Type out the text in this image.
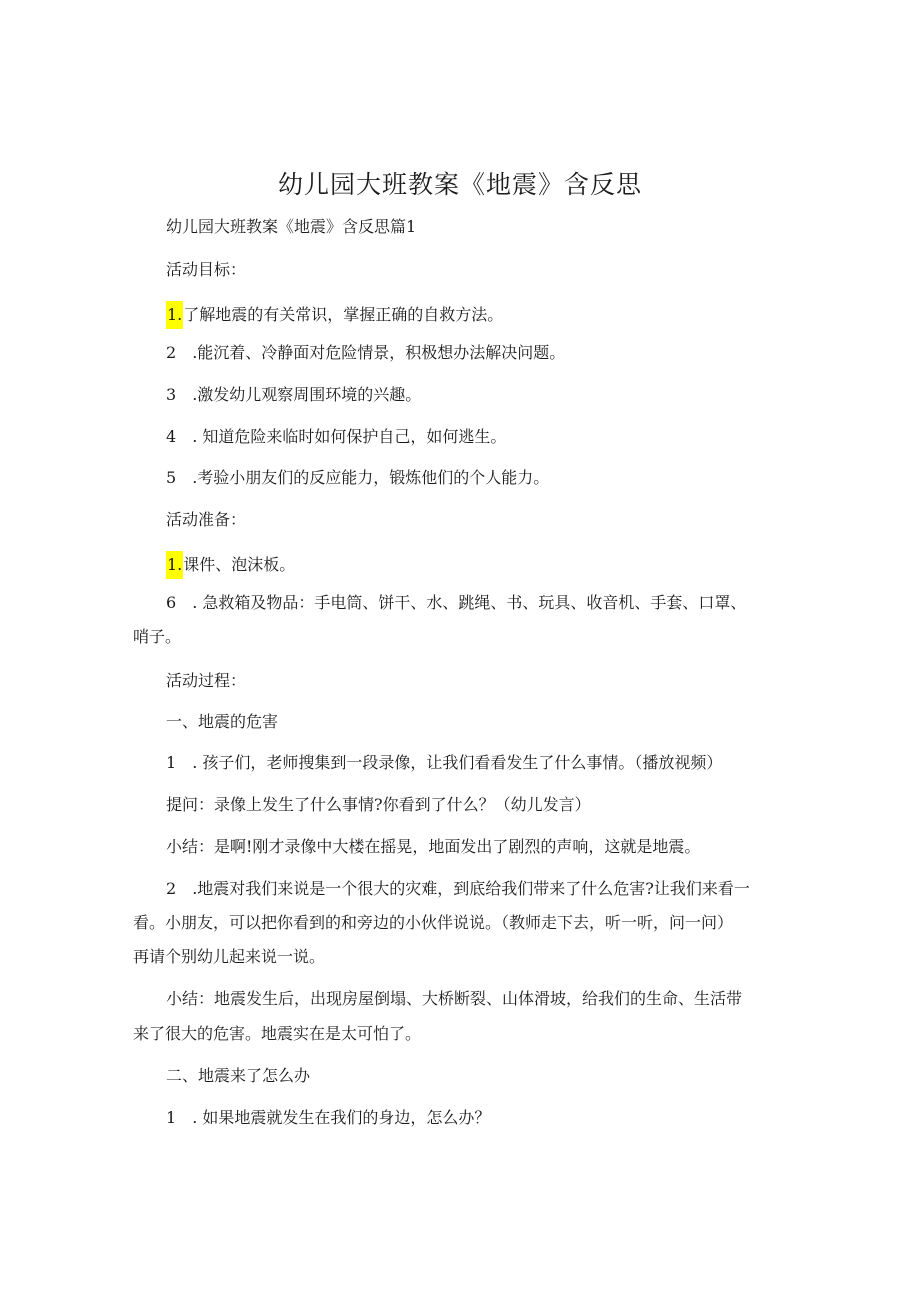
幼儿园大班教案《地震》含反思
幼儿园大班教案《地震》含反思篇1
活动目标：
1.了解地震的有关常识，掌握正确的自救方法。
2 .能沉着、冷静面对危险情景，积极想办法解决问题。
3 .激发幼儿观察周围环境的兴趣。
4 . 知道危险来临时如何保护自己，如何逃生。
5 .考验小朋友们的反应能力，锻炼他们的个人能力。
活动准备：
1.课件、泡沫板。
6 . 急救箱及物品：手电筒、饼干、水、跳绳、书、玩具、收音机、手套、口罩、
哨子。
活动过程：
一、地震的危害
1 . 孩子们，老师搜集到一段录像，让我们看看发生了什么事情。（播放视频）
提问：录像上发生了什么事情?你看到了什么？（幼儿发言）
小结：是啊!刚才录像中大楼在摇晃，地面发出了剧烈的声响，这就是地震。
2 .地震对我们来说是一个很大的灾难，到底给我们带来了什么危害?让我们来看一
看。小朋友，可以把你看到的和旁边的小伙伴说说。（教师走下去，听一听，问一问）
再请个别幼儿起来说一说。
小结：地震发生后，出现房屋倒塌、大桥断裂、山体滑坡，给我们的生命、生活带
来了很大的危害。地震实在是太可怕了。
二、地震来了怎么办
1 . 如果地震就发生在我们的身边，怎么办？
